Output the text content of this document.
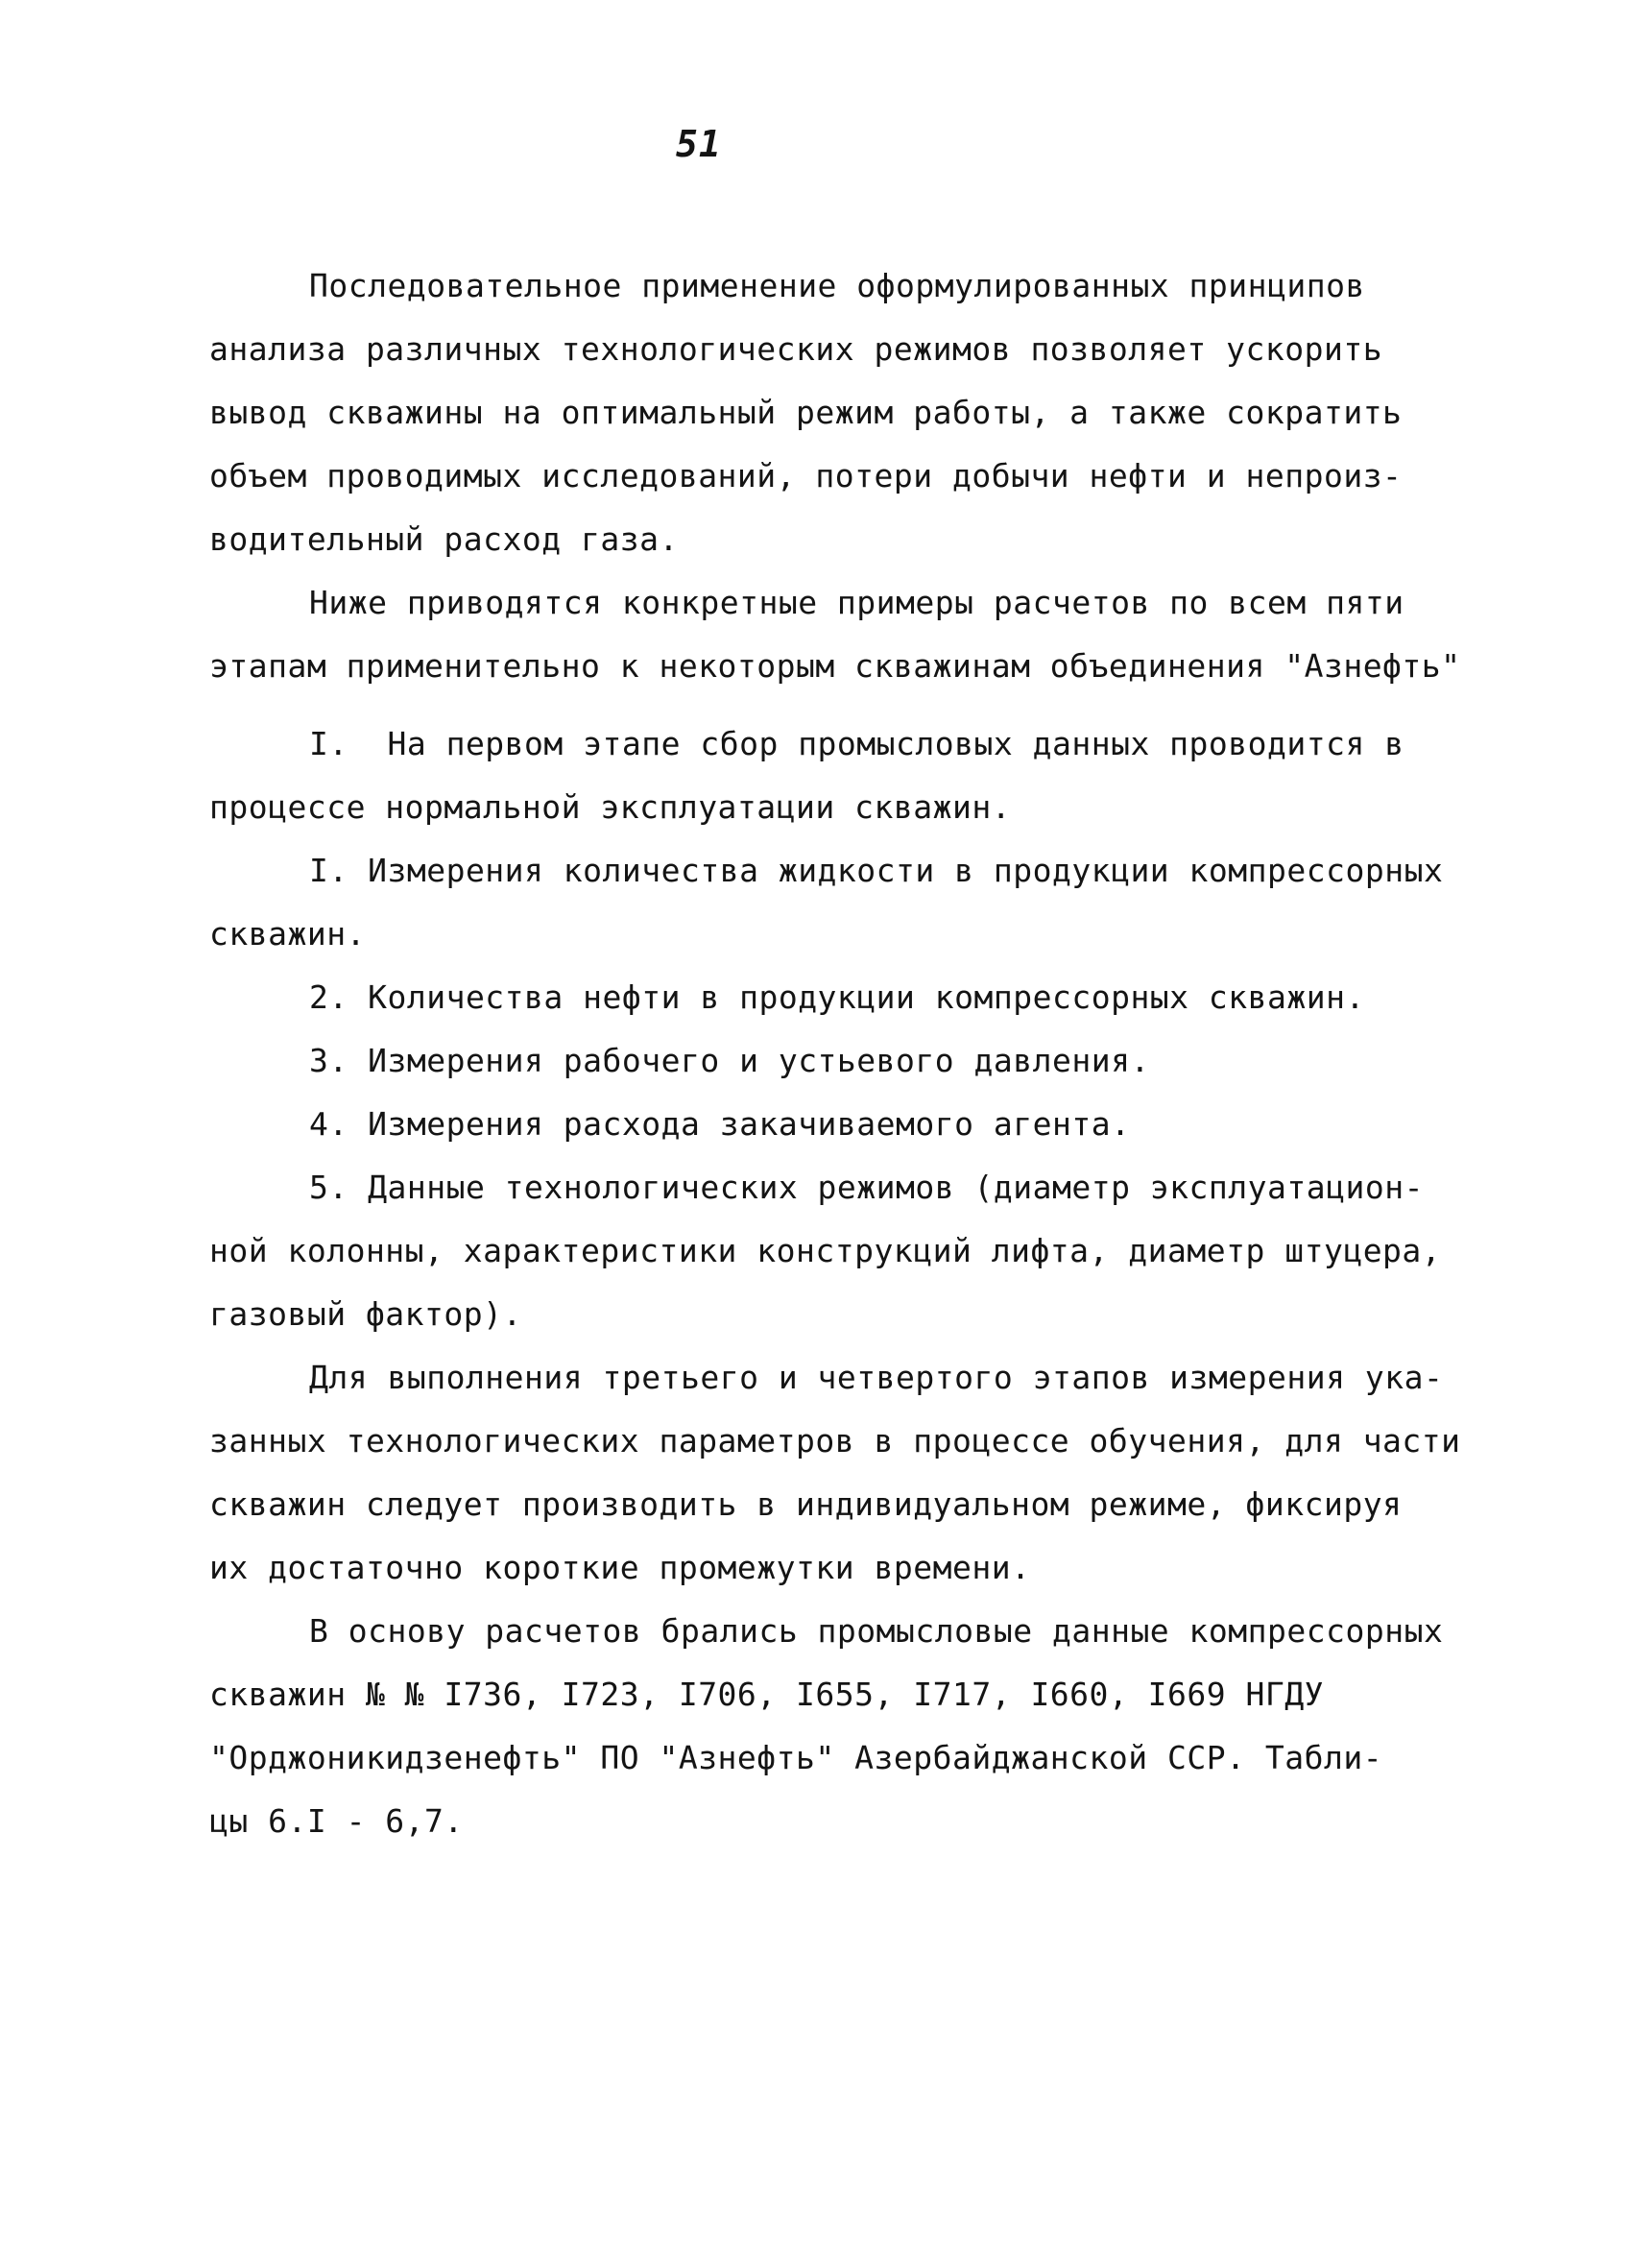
51
Последовательное применение оформулированных принципов
анализа различных технологических режимов позволяет ускорить
вывод скважины на оптимальный режим работы, а также сократить
объем проводимых исследований, потери добычи нефти и непроиз-
водительный расход газа.
Ниже приводятся конкретные примеры расчетов по всем пяти
этапам применительно к некоторым скважинам объединения "Азнефть"
I.  На первом этапе сбор промысловых данных проводится в
процессе нормальной эксплуатации скважин.
I. Измерения количества жидкости в продукции компрессорных
скважин.
2. Количества нефти в продукции компрессорных скважин.
3. Измерения рабочего и устьевого давления.
4. Измерения расхода закачиваемого агента.
5. Данные технологических режимов (диаметр эксплуатацион-
ной колонны, характеристики конструкций лифта, диаметр штуцера,
газовый фактор).
Для выполнения третьего и четвертого этапов измерения ука-
занных технологических параметров в процессе обучения, для части
скважин следует производить в индивидуальном режиме, фиксируя
их достаточно короткие промежутки времени.
В основу расчетов брались промысловые данные компрессорных
скважин № № I736, I723, I706, I655, I717, I660, I669 НГДУ
"Орджоникидзенефть" ПО "Азнефть" Азербайджанской ССР. Табли-
цы 6.I - 6,7.
